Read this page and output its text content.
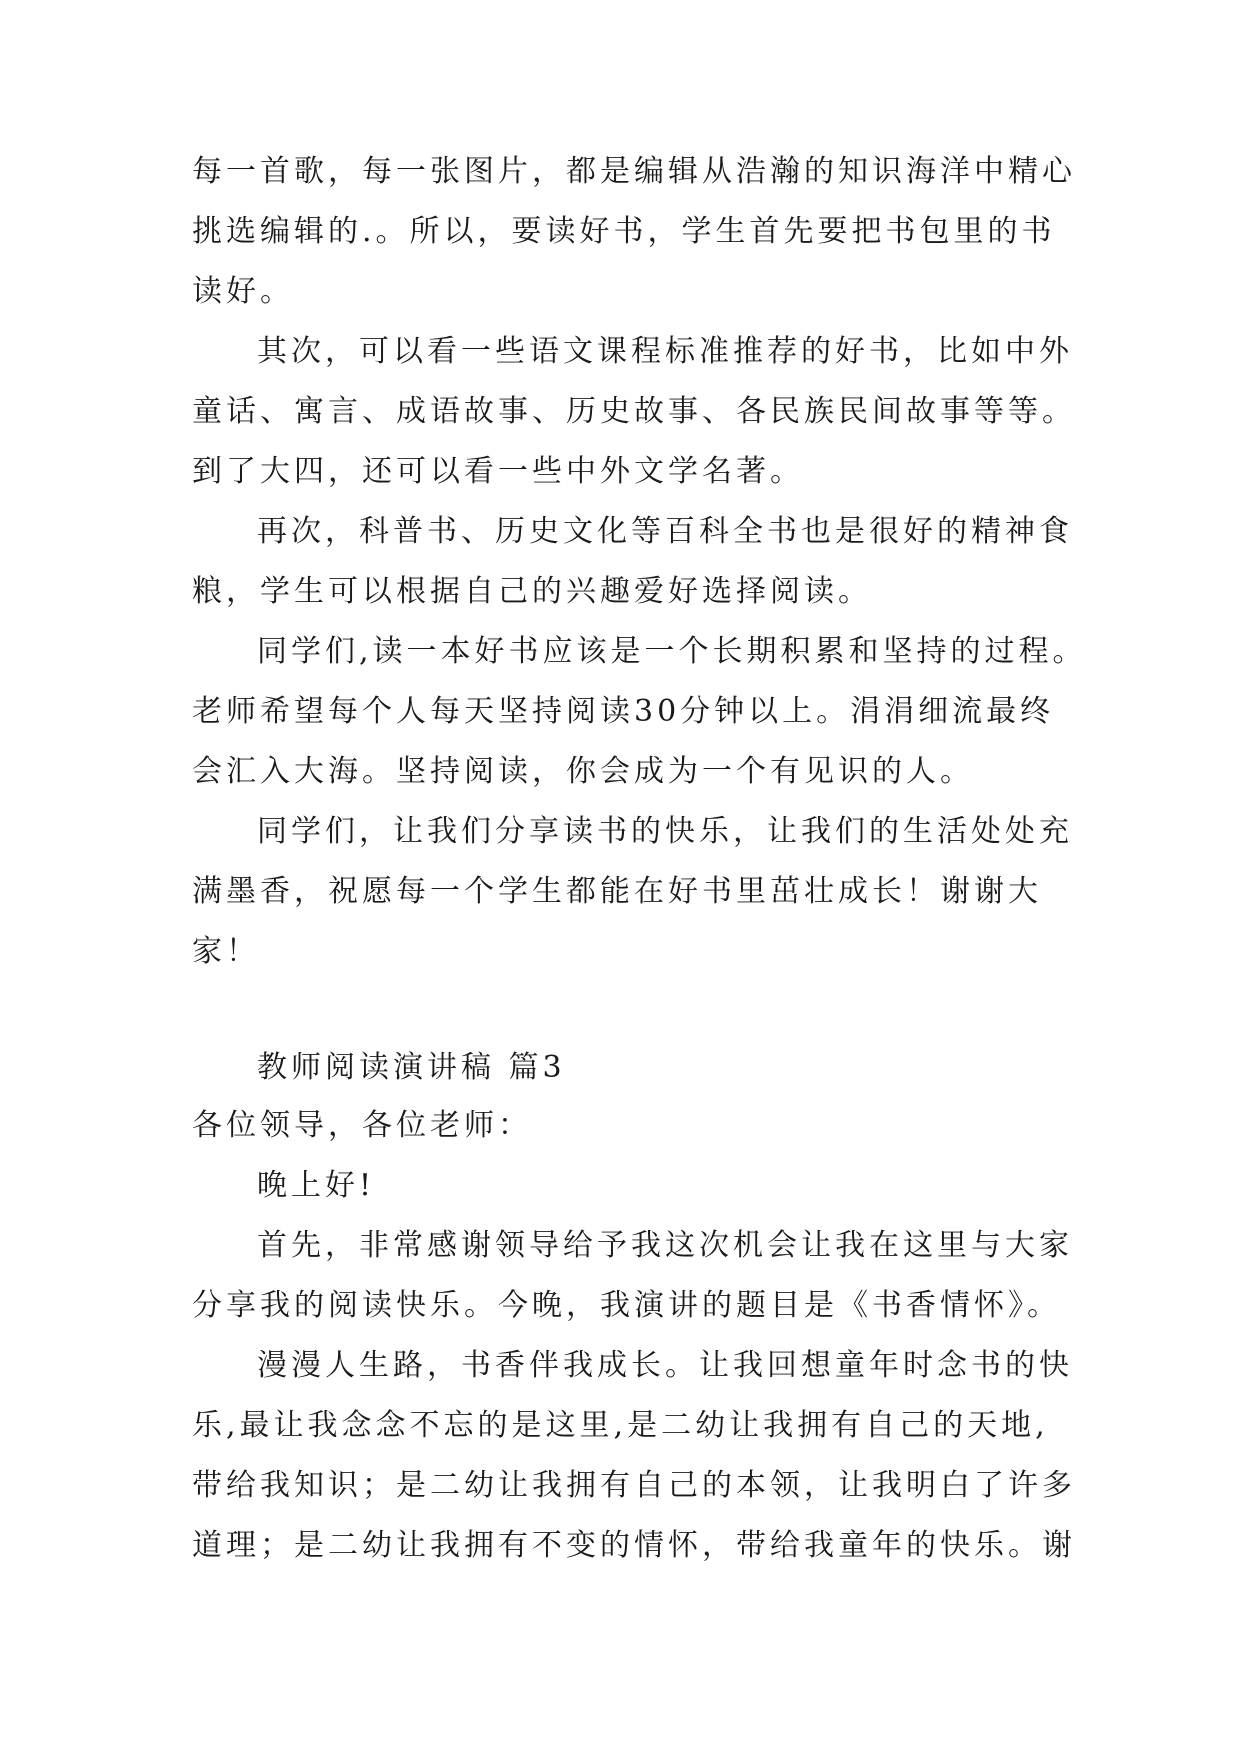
每一首歌，每一张图片，都是编辑从浩瀚的知识海洋中精心
挑选编辑的.。所以，要读好书，学生首先要把书包里的书
读好。
其次，可以看一些语文课程标准推荐的好书，比如中外
童话、寓言、成语故事、历史故事、各民族民间故事等等。
到了大四，还可以看一些中外文学名著。
再次，科普书、历史文化等百科全书也是很好的精神食
粮，学生可以根据自己的兴趣爱好选择阅读。
同学们,读一本好书应该是一个长期积累和坚持的过程。
老师希望每个人每天坚持阅读30分钟以上。涓涓细流最终
会汇入大海。坚持阅读，你会成为一个有见识的人。
同学们，让我们分享读书的快乐，让我们的生活处处充
满墨香，祝愿每一个学生都能在好书里茁壮成长！谢谢大
家！
教师阅读演讲稿 篇3
各位领导，各位老师：
晚上好!
首先，非常感谢领导给予我这次机会让我在这里与大家
分享我的阅读快乐。今晚，我演讲的题目是《书香情怀》。
漫漫人生路，书香伴我成长。让我回想童年时念书的快
乐,最让我念念不忘的是这里,是二幼让我拥有自己的天地,
带给我知识；是二幼让我拥有自己的本领，让我明白了许多
道理；是二幼让我拥有不变的情怀，带给我童年的快乐。谢
